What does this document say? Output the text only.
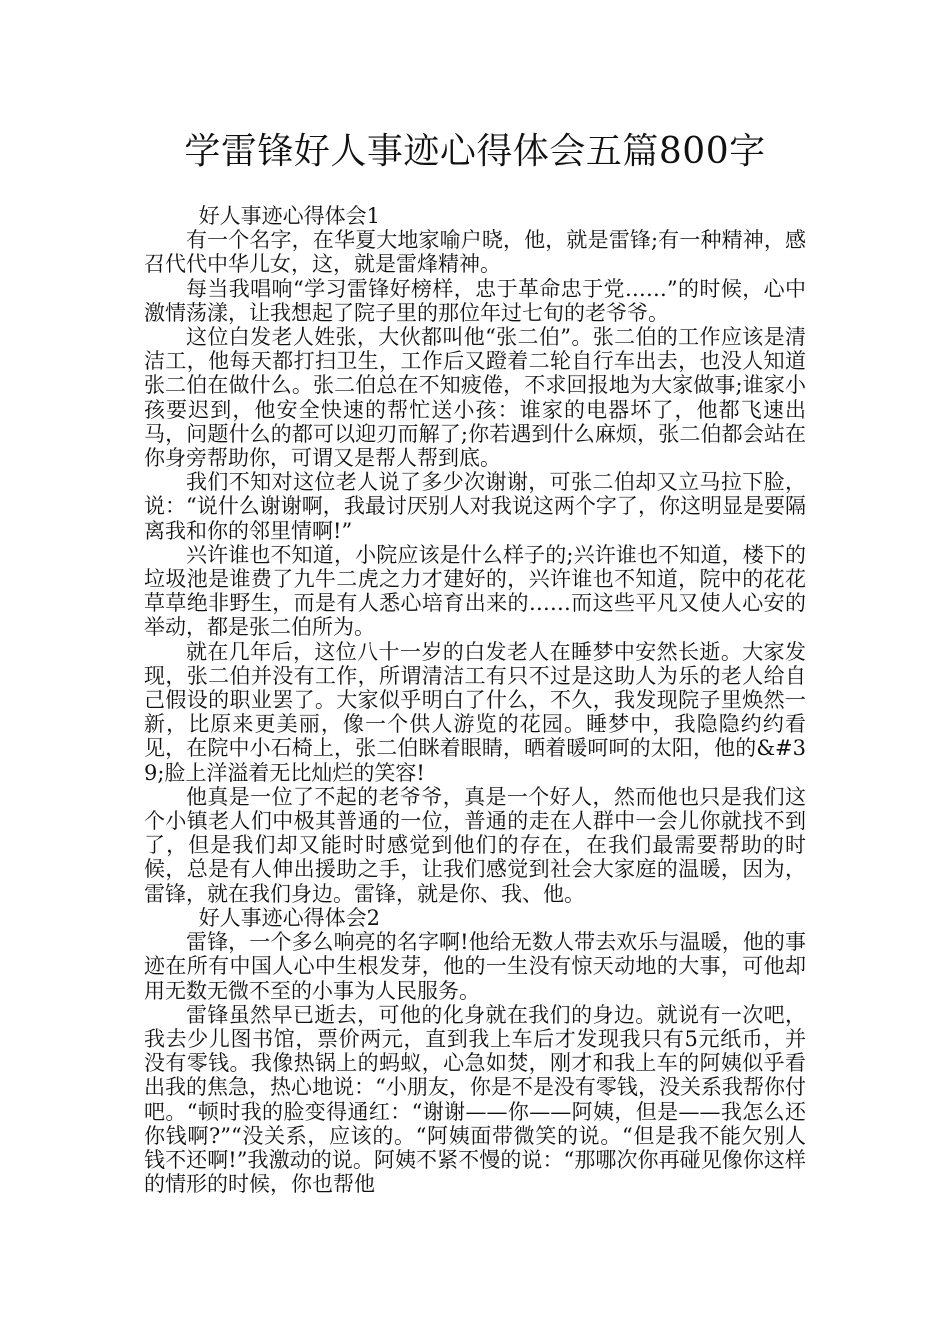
学雷锋好人事迹心得体会五篇800字

好人事迹心得体会1

有一个名字，在华夏大地家喻户晓，他，就是雷锋;有一种精神，感召代代中华儿女，这，就是雷烽精神。

每当我唱响“学习雷锋好榜样，忠于革命忠于党……”的时候，心中激情荡漾，让我想起了院子里的那位年过七旬的老爷爷。

这位白发老人姓张，大伙都叫他“张二伯”。张二伯的工作应该是清洁工，他每天都打扫卫生，工作后又蹬着二轮自行车出去，也没人知道张二伯在做什么。张二伯总在不知疲倦，不求回报地为大家做事;谁家小孩要迟到，他安全快速的帮忙送小孩：谁家的电器坏了，他都飞速出马，问题什么的都可以迎刃而解了;你若遇到什么麻烦，张二伯都会站在你身旁帮助你，可谓又是帮人帮到底。

我们不知对这位老人说了多少次谢谢，可张二伯却又立马拉下脸，说：“说什么谢谢啊，我最讨厌别人对我说这两个字了，你这明显是要隔离我和你的邻里情啊!”

兴许谁也不知道，小院应该是什么样子的;兴许谁也不知道，楼下的垃圾池是谁费了九牛二虎之力才建好的，兴许谁也不知道，院中的花花草草绝非野生，而是有人悉心培育出来的……而这些平凡又使人心安的举动，都是张二伯所为。

就在几年后，这位八十一岁的白发老人在睡梦中安然长逝。大家发现，张二伯并没有工作，所谓清洁工有只不过是这助人为乐的老人给自己假设的职业罢了。大家似乎明白了什么，不久，我发现院子里焕然一新，比原来更美丽，像一个供人游览的花园。睡梦中，我隐隐约约看见，在院中小石椅上，张二伯眯着眼睛，晒着暖呵呵的太阳，他的&#39;脸上洋溢着无比灿烂的笑容!

他真是一位了不起的老爷爷，真是一个好人，然而他也只是我们这个小镇老人们中极其普通的一位，普通的走在人群中一会儿你就找不到了，但是我们却又能时时感觉到他们的存在，在我们最需要帮助的时候，总是有人伸出援助之手，让我们感觉到社会大家庭的温暖，因为，雷锋，就在我们身边。雷锋，就是你、我、他。

好人事迹心得体会2

雷锋，一个多么响亮的名字啊!他给无数人带去欢乐与温暖，他的事迹在所有中国人心中生根发芽，他的一生没有惊天动地的大事，可他却用无数无微不至的小事为人民服务。

雷锋虽然早已逝去，可他的化身就在我们的身边。就说有一次吧，我去少儿图书馆，票价两元，直到我上车后才发现我只有5元纸币，并没有零钱。我像热锅上的蚂蚁，心急如焚，刚才和我上车的阿姨似乎看出我的焦急，热心地说：“小朋友，你是不是没有零钱，没关系我帮你付吧。“顿时我的脸变得通红：“谢谢——你——阿姨，但是——我怎么还你钱啊?”“没关系，应该的。“阿姨面带微笑的说。“但是我不能欠别人钱不还啊!”我激动的说。阿姨不紧不慢的说：“那哪次你再碰见像你这样的情形的时候，你也帮他
